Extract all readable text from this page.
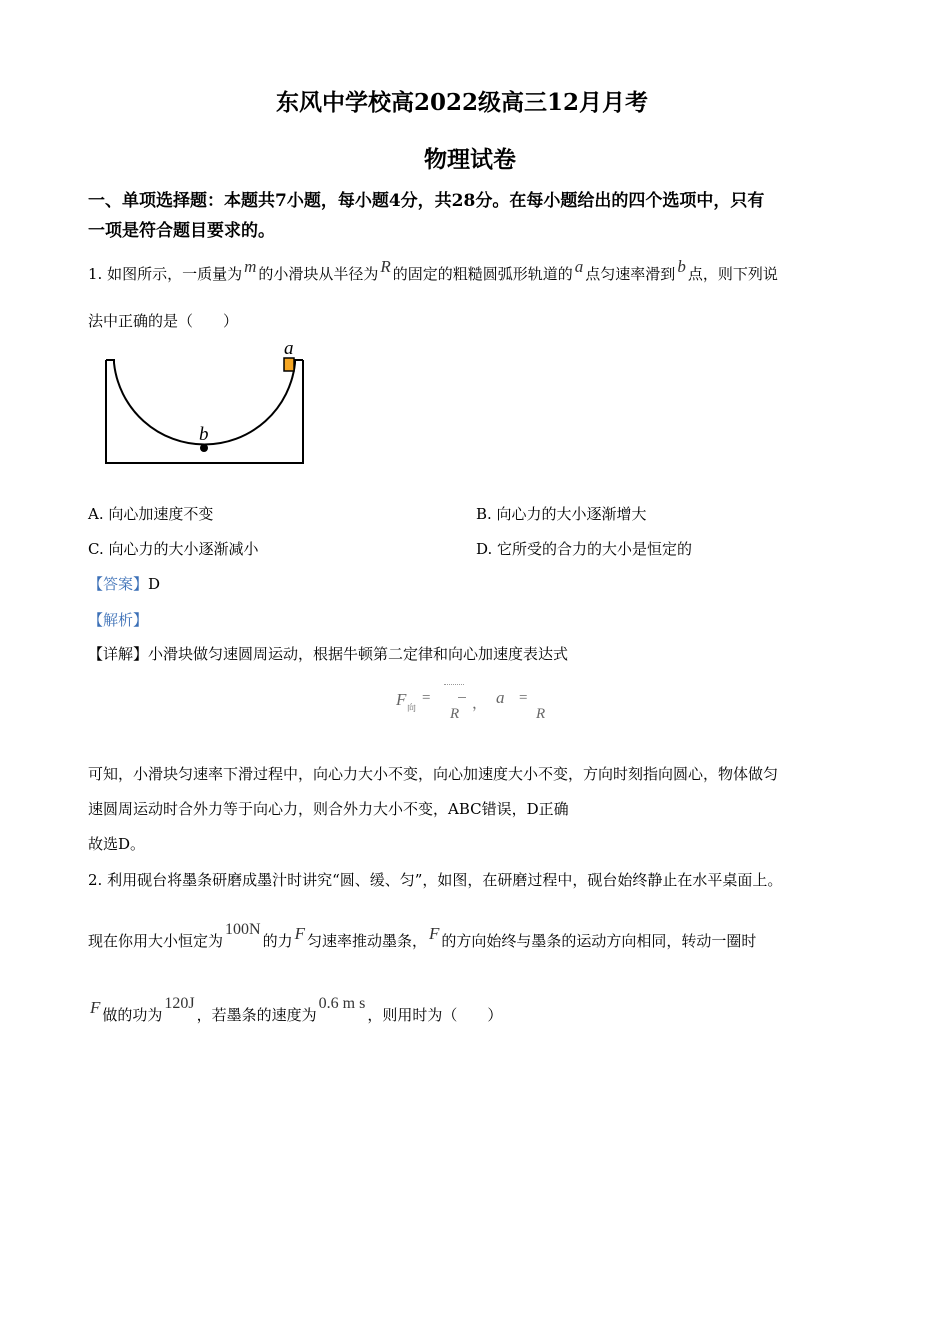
东风中学校高2022级高三12月月考
物理试卷
一、单项选择题：本题共7小题，每小题4分，共28分。在每小题给出的四个选项中，只有
一项是符合题目要求的。
1. 如图所示，一质量为 m 的小滑块从半径为 R 的固定的粗糙圆弧形轨道的 a 点匀速率滑到 b 点，则下列说
法中正确的是（　　）
a
b
A. 向心加速度不变	B. 向心力的大小逐渐增大
C. 向心力的大小逐渐减小	D. 它所受的合力的大小是恒定的
【答案】D
【解析】
【详解】小滑块做匀速圆周运动，根据牛顿第二定律和向心加速度表达式
F 向
=
R
， a =
R
可知，小滑块匀速率下滑过程中，向心力大小不变，向心加速度大小不变，方向时刻指向圆心，物体做匀
速圆周运动时合外力等于向心力，则合外力大小不变，ABC错误，D正确
故选D。
2. 利用砚台将墨条研磨成墨汁时讲究“圆、缓、匀”，如图，在研磨过程中，砚台始终静止在水平桌面上。
现在你用大小恒定为100N的力 F 匀速率推动墨条， F 的方向始终与墨条的运动方向相同，转动一圈时
F 做的功为120J，若墨条的速度为0.6 m s，则用时为（　　）
